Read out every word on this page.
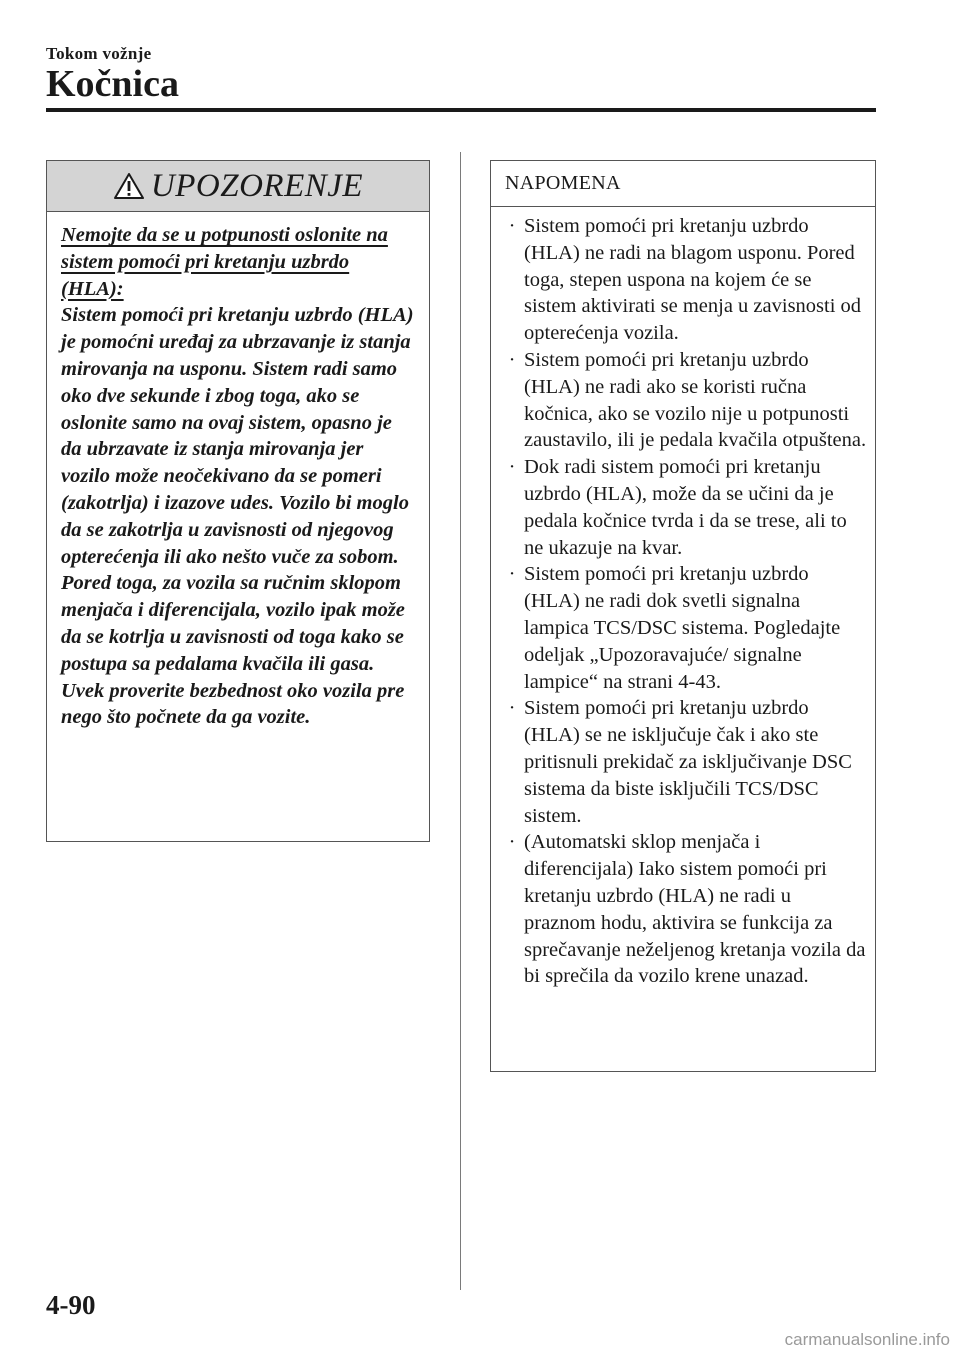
Tokom vožnje
Kočnica
UPOZORENJE
Nemojte da se u potpunosti oslonite na sistem pomoći pri kretanju uzbrdo (HLA):
Sistem pomoći pri kretanju uzbrdo (HLA) je pomoćni uređaj za ubrzavanje iz stanja mirovanja na usponu. Sistem radi samo oko dve sekunde i zbog toga, ako se oslonite samo na ovaj sistem, opasno je da ubrzavate iz stanja mirovanja jer vozilo može neočekivano da se pomeri (zakotrlja) i izazove udes. Vozilo bi moglo da se zakotrlja u zavisnosti od njegovog opterećenja ili ako nešto vuče za sobom. Pored toga, za vozila sa ručnim sklopom menjača i diferencijala, vozilo ipak može da se kotrlja u zavisnosti od toga kako se postupa sa pedalama kvačila ili gasa.
Uvek proverite bezbednost oko vozila pre nego što počnete da ga vozite.
NAPOMENA
· Sistem pomoći pri kretanju uzbrdo (HLA) ne radi na blagom usponu. Pored toga, stepen uspona na kojem će se sistem aktivirati se menja u zavisnosti od opterećenja vozila.
· Sistem pomoći pri kretanju uzbrdo (HLA) ne radi ako se koristi ručna kočnica, ako se vozilo nije u potpunosti zaustavilo, ili je pedala kvačila otpuštena.
· Dok radi sistem pomoći pri kretanju uzbrdo (HLA), može da se učini da je pedala kočnice tvrda i da se trese, ali to ne ukazuje na kvar.
· Sistem pomoći pri kretanju uzbrdo (HLA) ne radi dok svetli signalna lampica TCS/DSC sistema. Pogledajte odeljak „Upozoravajuće/ signalne lampice“ na strani 4-43.
· Sistem pomoći pri kretanju uzbrdo (HLA) se ne isključuje čak i ako ste pritisnuli prekidač za isključivanje DSC sistema da biste isključili TCS/DSC sistem.
· (Automatski sklop menjača i diferencijala) Iako sistem pomoći pri kretanju uzbrdo (HLA) ne radi u praznom hodu, aktivira se funkcija za sprečavanje neželjenog kretanja vozila da bi sprečila da vozilo krene unazad.
4-90
carmanualsonline.info
